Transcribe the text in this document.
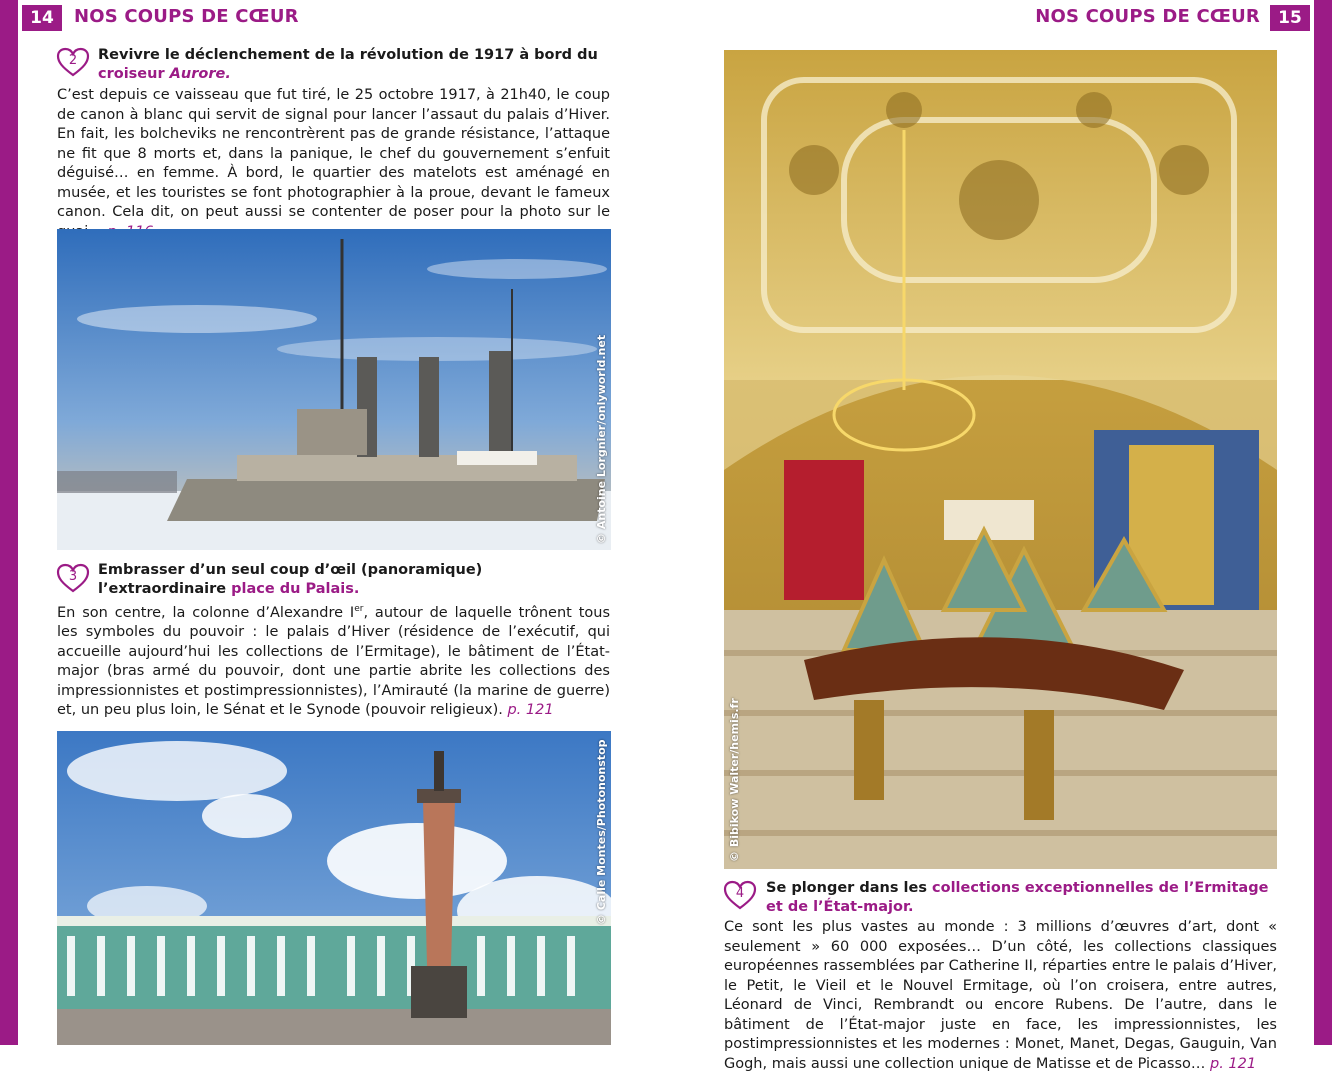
14	NOS COUPS DE CŒUR	NOS COUPS DE CŒUR	15
2	Revivre le déclenchement de la révolution de 1917 à bord du croiseur Aurore.
C’est depuis ce vaisseau que fut tiré, le 25 octobre 1917, à 21h40, le coup de canon à blanc qui servit de signal pour lancer l’assaut du palais d’Hiver. En fait, les bolcheviks ne rencontrèrent pas de grande résistance, l’attaque ne fit que 8 morts et, dans la panique, le chef du gouvernement s’enfuit déguisé… en femme. À bord, le quartier des matelots est aménagé en musée, et les touristes se font photographier à la proue, devant le fameux canon. Cela dit, on peut aussi se contenter de poser pour la photo sur le
© Antoine Lorgnier/onlyworld.net
3	Embrasser d’un seul coup d’œil (panoramique) l’extraordinaire place du Palais.
En son centre, la colonne d’Alexandre Ier, autour de laquelle trônent tous les symboles du pouvoir : le palais d’Hiver (résidence de l’exécutif, qui accueille aujourd’hui les collections de l’Ermitage), le bâtiment de l’État-major (bras armé du pouvoir, dont une partie abrite les collections des impressionnistes et postimpressionnistes), l’Amirauté (la marine de guerre) et, un peu plus loin, le Sénat et le Synode (pouvoir religieux). p. 121
© Calle Montes/Photononstop	© Bibikow Walter/hemis.fr
4	Se plonger dans les collections exceptionnelles de l’Ermitage et de l’État-major.
Ce sont les plus vastes au monde : 3 millions d’œuvres d’art, dont « seulement » 60 000 exposées… D’un côté, les collections classiques européennes rassemblées par Catherine II, réparties entre le palais d’Hiver, le Petit, le Vieil et le Nouvel Ermitage, où l’on croisera, entre autres, Léonard de Vinci, Rembrandt ou encore Rubens. De l’autre, dans le bâtiment de l’État-major juste en face, les impressionnistes, les postimpressionnistes et les modernes : Monet, Manet, Degas, Gauguin, Van Gogh, mais aussi une collection unique de Matisse et de Picasso… p. 121
